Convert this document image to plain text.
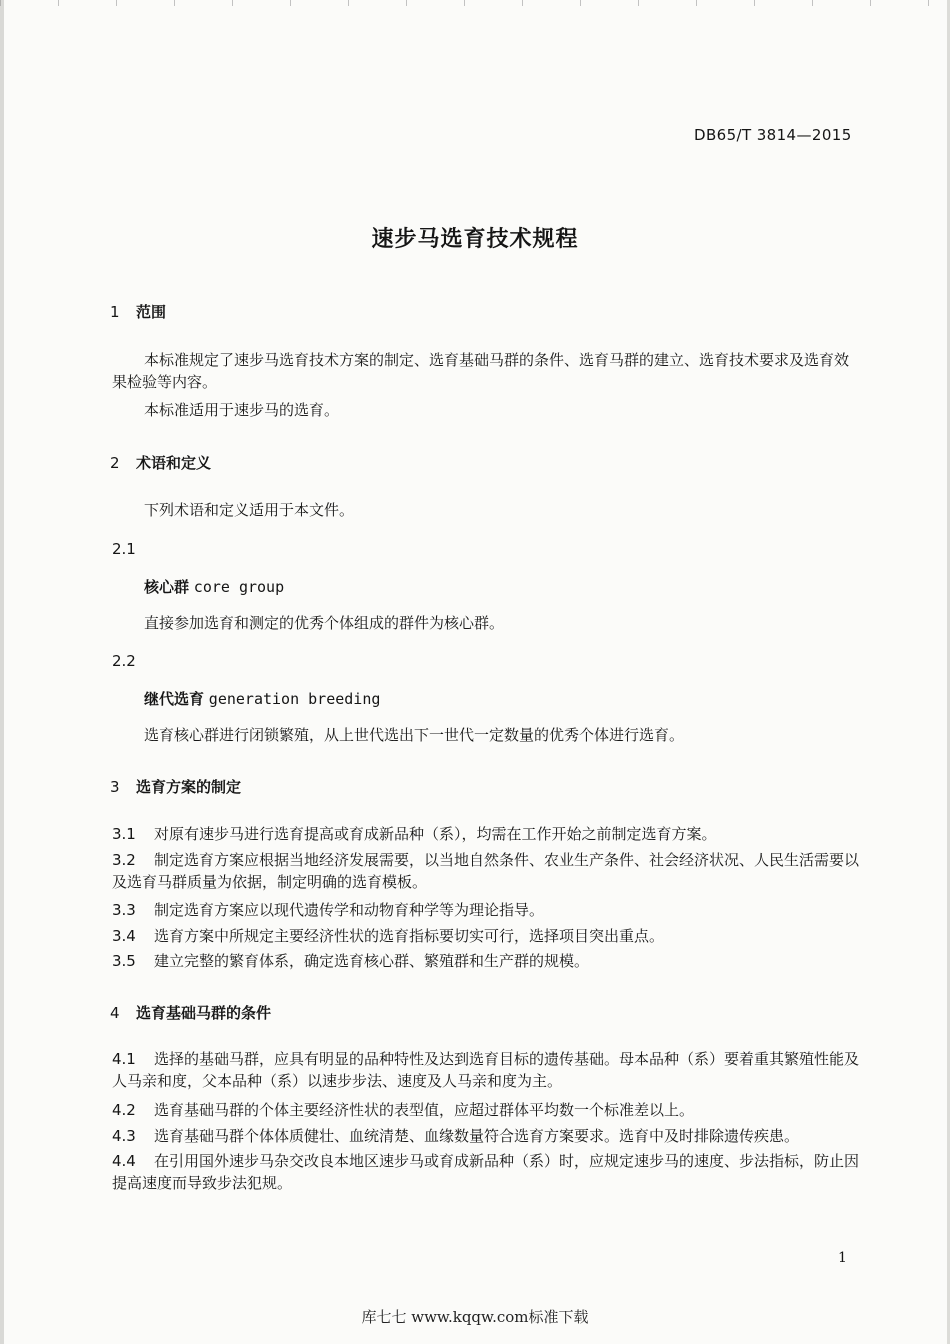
DB65/T 3814—2015
速步马选育技术规程
1 范围
本标准规定了速步马选育技术方案的制定、选育基础马群的条件、选育马群的建立、选育技术要求及选育效果检验等内容。
本标准适用于速步马的选育。
2 术语和定义
下列术语和定义适用于本文件。
2.1
核心群 core group
直接参加选育和测定的优秀个体组成的群件为核心群。
2.2
继代选育 generation breeding
选育核心群进行闭锁繁殖，从上世代选出下一世代一定数量的优秀个体进行选育。
3 选育方案的制定
3.1 对原有速步马进行选育提高或育成新品种（系），均需在工作开始之前制定选育方案。
3.2 制定选育方案应根据当地经济发展需要，以当地自然条件、农业生产条件、社会经济状况、人民生活需要以及选育马群质量为依据，制定明确的选育模板。
3.3 制定选育方案应以现代遗传学和动物育种学等为理论指导。
3.4 选育方案中所规定主要经济性状的选育指标要切实可行，选择项目突出重点。
3.5 建立完整的繁育体系，确定选育核心群、繁殖群和生产群的规模。
4 选育基础马群的条件
4.1 选择的基础马群，应具有明显的品种特性及达到选育目标的遗传基础。母本品种（系）要着重其繁殖性能及人马亲和度，父本品种（系）以速步步法、速度及人马亲和度为主。
4.2 选育基础马群的个体主要经济性状的表型值，应超过群体平均数一个标准差以上。
4.3 选育基础马群个体体质健壮、血统清楚、血缘数量符合选育方案要求。选育中及时排除遗传疾患。
4.4 在引用国外速步马杂交改良本地区速步马或育成新品种（系）时，应规定速步马的速度、步法指标，防止因提高速度而导致步法犯规。
1
库七七 www.kqqw.com标准下载
